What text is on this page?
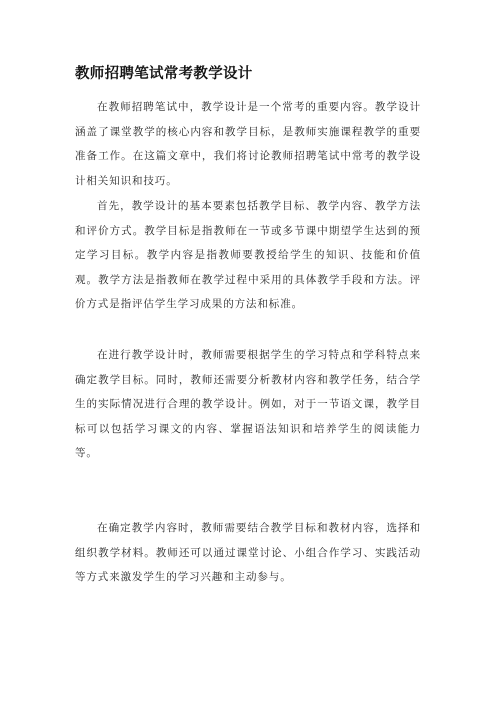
教师招聘笔试常考教学设计

在教师招聘笔试中，教学设计是一个常考的重要内容。教学设计涵盖了课堂教学的核心内容和教学目标，是教师实施课程教学的重要准备工作。在这篇文章中，我们将讨论教师招聘笔试中常考的教学设计相关知识和技巧。

首先，教学设计的基本要素包括教学目标、教学内容、教学方法和评价方式。教学目标是指教师在一节或多节课中期望学生达到的预定学习目标。教学内容是指教师要教授给学生的知识、技能和价值观。教学方法是指教师在教学过程中采用的具体教学手段和方法。评价方式是指评估学生学习成果的方法和标准。

在进行教学设计时，教师需要根据学生的学习特点和学科特点来确定教学目标。同时，教师还需要分析教材内容和教学任务，结合学生的实际情况进行合理的教学设计。例如，对于一节语文课，教学目标可以包括学习课文的内容、掌握语法知识和培养学生的阅读能力等。

在确定教学内容时，教师需要结合教学目标和教材内容，选择和组织教学材料。教师还可以通过课堂讨论、小组合作学习、实践活动等方式来激发学生的学习兴趣和主动参与。
